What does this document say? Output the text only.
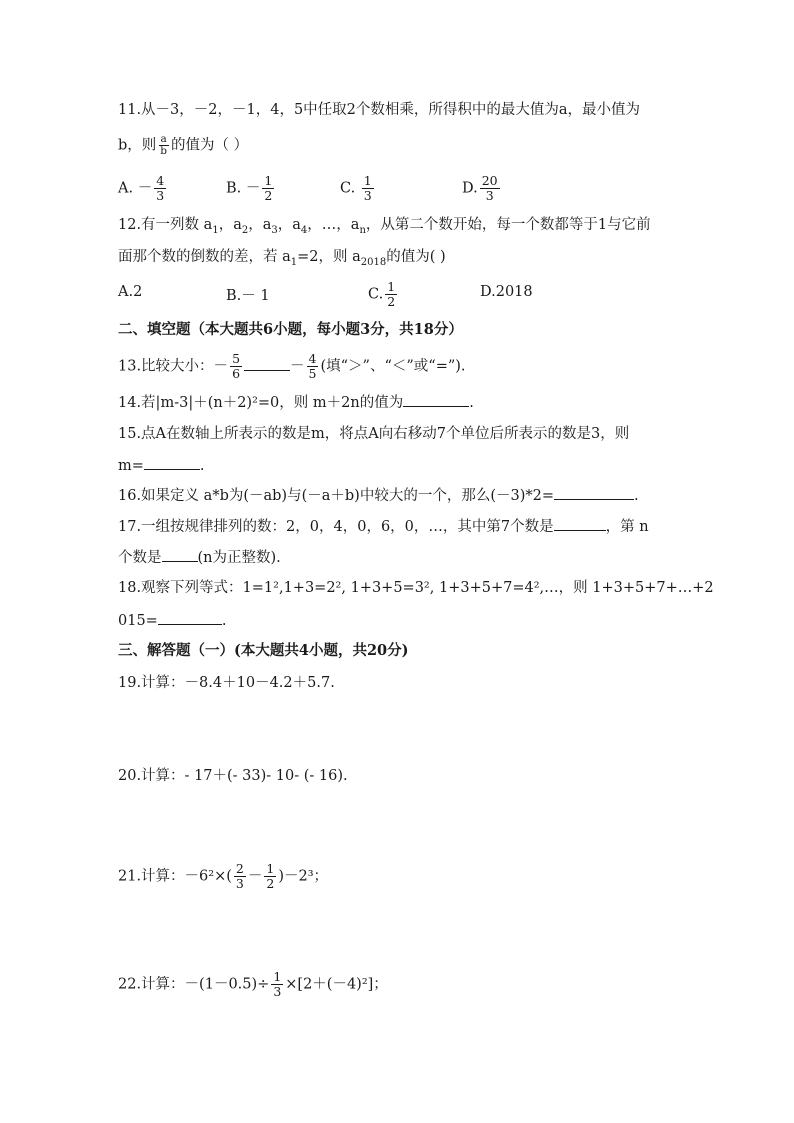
11.从－3，－2，－1，4，5中任取2个数相乘，所得积中的最大值为a，最小值为
b，则 $\frac{a}{b}$ 的值为（ ）
A. － $\frac{4}{3}$	B. － $\frac{1}{2}$	C. $\frac{1}{3}$	D. $\frac{20}{3}$
12.有一列数 $a_1$，$a_2$，$a_3$，$a_4$，…，$a_n$，从第二个数开始，每一个数都等于1与它前
面那个数的倒数的差，若 $a_1=2$，则 $a_{2018}$的值为( )
A.2	B.－ 1	C. $\frac{1}{2}$	D.2018
二、填空题（本大题共6小题，每小题3分，共18分）
13.比较大小：－ $\frac{5}{6}$	－ $\frac{4}{5}$ (填“＞”、“＜”或“=”).
14.若|m-3|＋(n＋2)²=0，则 m＋2n的值为	.
15.点A在数轴上所表示的数是m，将点A向右移动7个单位后所表示的数是3，则
m=	.
16.如果定义 a*b为(－ab)与(－a＋b)中较大的一个，那么(－3)*2=	.
17.一组按规律排列的数：2，0，4，0，6，0，…，其中第7个数是	，第 n
个数是 (n为正整数).
18.观察下列等式：1=1²,1+3=2², 1+3+5=3², 1+3+5+7=4²,…，则 1+3+5+7+…+2
015=	.
三、解答题（一）(本大题共4小题，共20分)
19.计算：－8.4＋10－4.2＋5.7.
20.计算：- 17＋(- 33)- 10- (- 16).
21.计算：$-6^2\times( \frac{2}{3} - \frac{1}{2} )-2^3$；
22.计算：$-(1-0.5)\div \frac{1}{3} \times[2+(-4)^2]$；
